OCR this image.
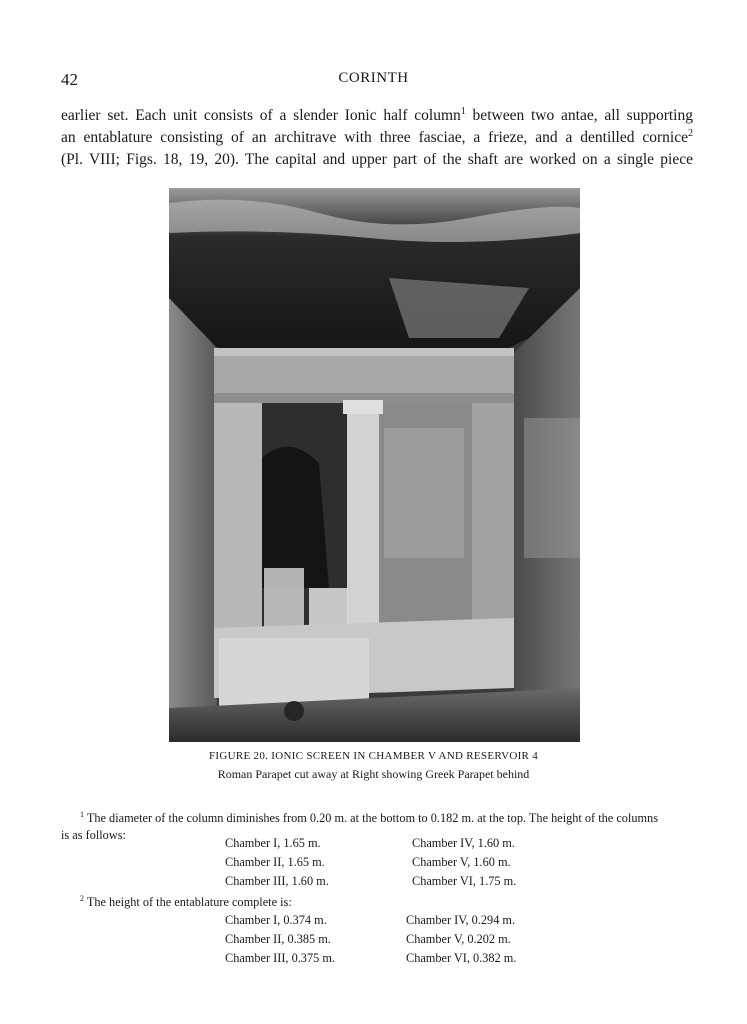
42	CORINTH
earlier set. Each unit consists of a slender Ionic half column$^1$ between two antae, all supporting
an entablature consisting of an architrave with three fasciae, a frieze, and a dentilled cornice$^2$
(Pl. VIII; Figs. 18, 19, 20). The capital and upper part of the shaft are worked on a single piece
FIGURE 20. IONIC SCREEN IN CHAMBER V AND RESERVOIR 4
Roman Parapet cut away at Right showing Greek Parapet behind
$^1$ The diameter of the column diminishes from 0.20 m. at the bottom to 0.182 m. at the top. The height of the columns
is as follows:
Chamber I, 1.65 m.	Chamber IV, 1.60 m.
Chamber II, 1.65 m.	Chamber V, 1.60 m.
Chamber III, 1.60 m.	Chamber VI, 1.75 m.
$^2$ The height of the entablature complete is:
Chamber I, 0.374 m.	Chamber IV, 0.294 m.
Chamber II, 0.385 m.	Chamber V, 0.202 m.
Chamber III, 0.375 m.	Chamber VI, 0.382 m.
